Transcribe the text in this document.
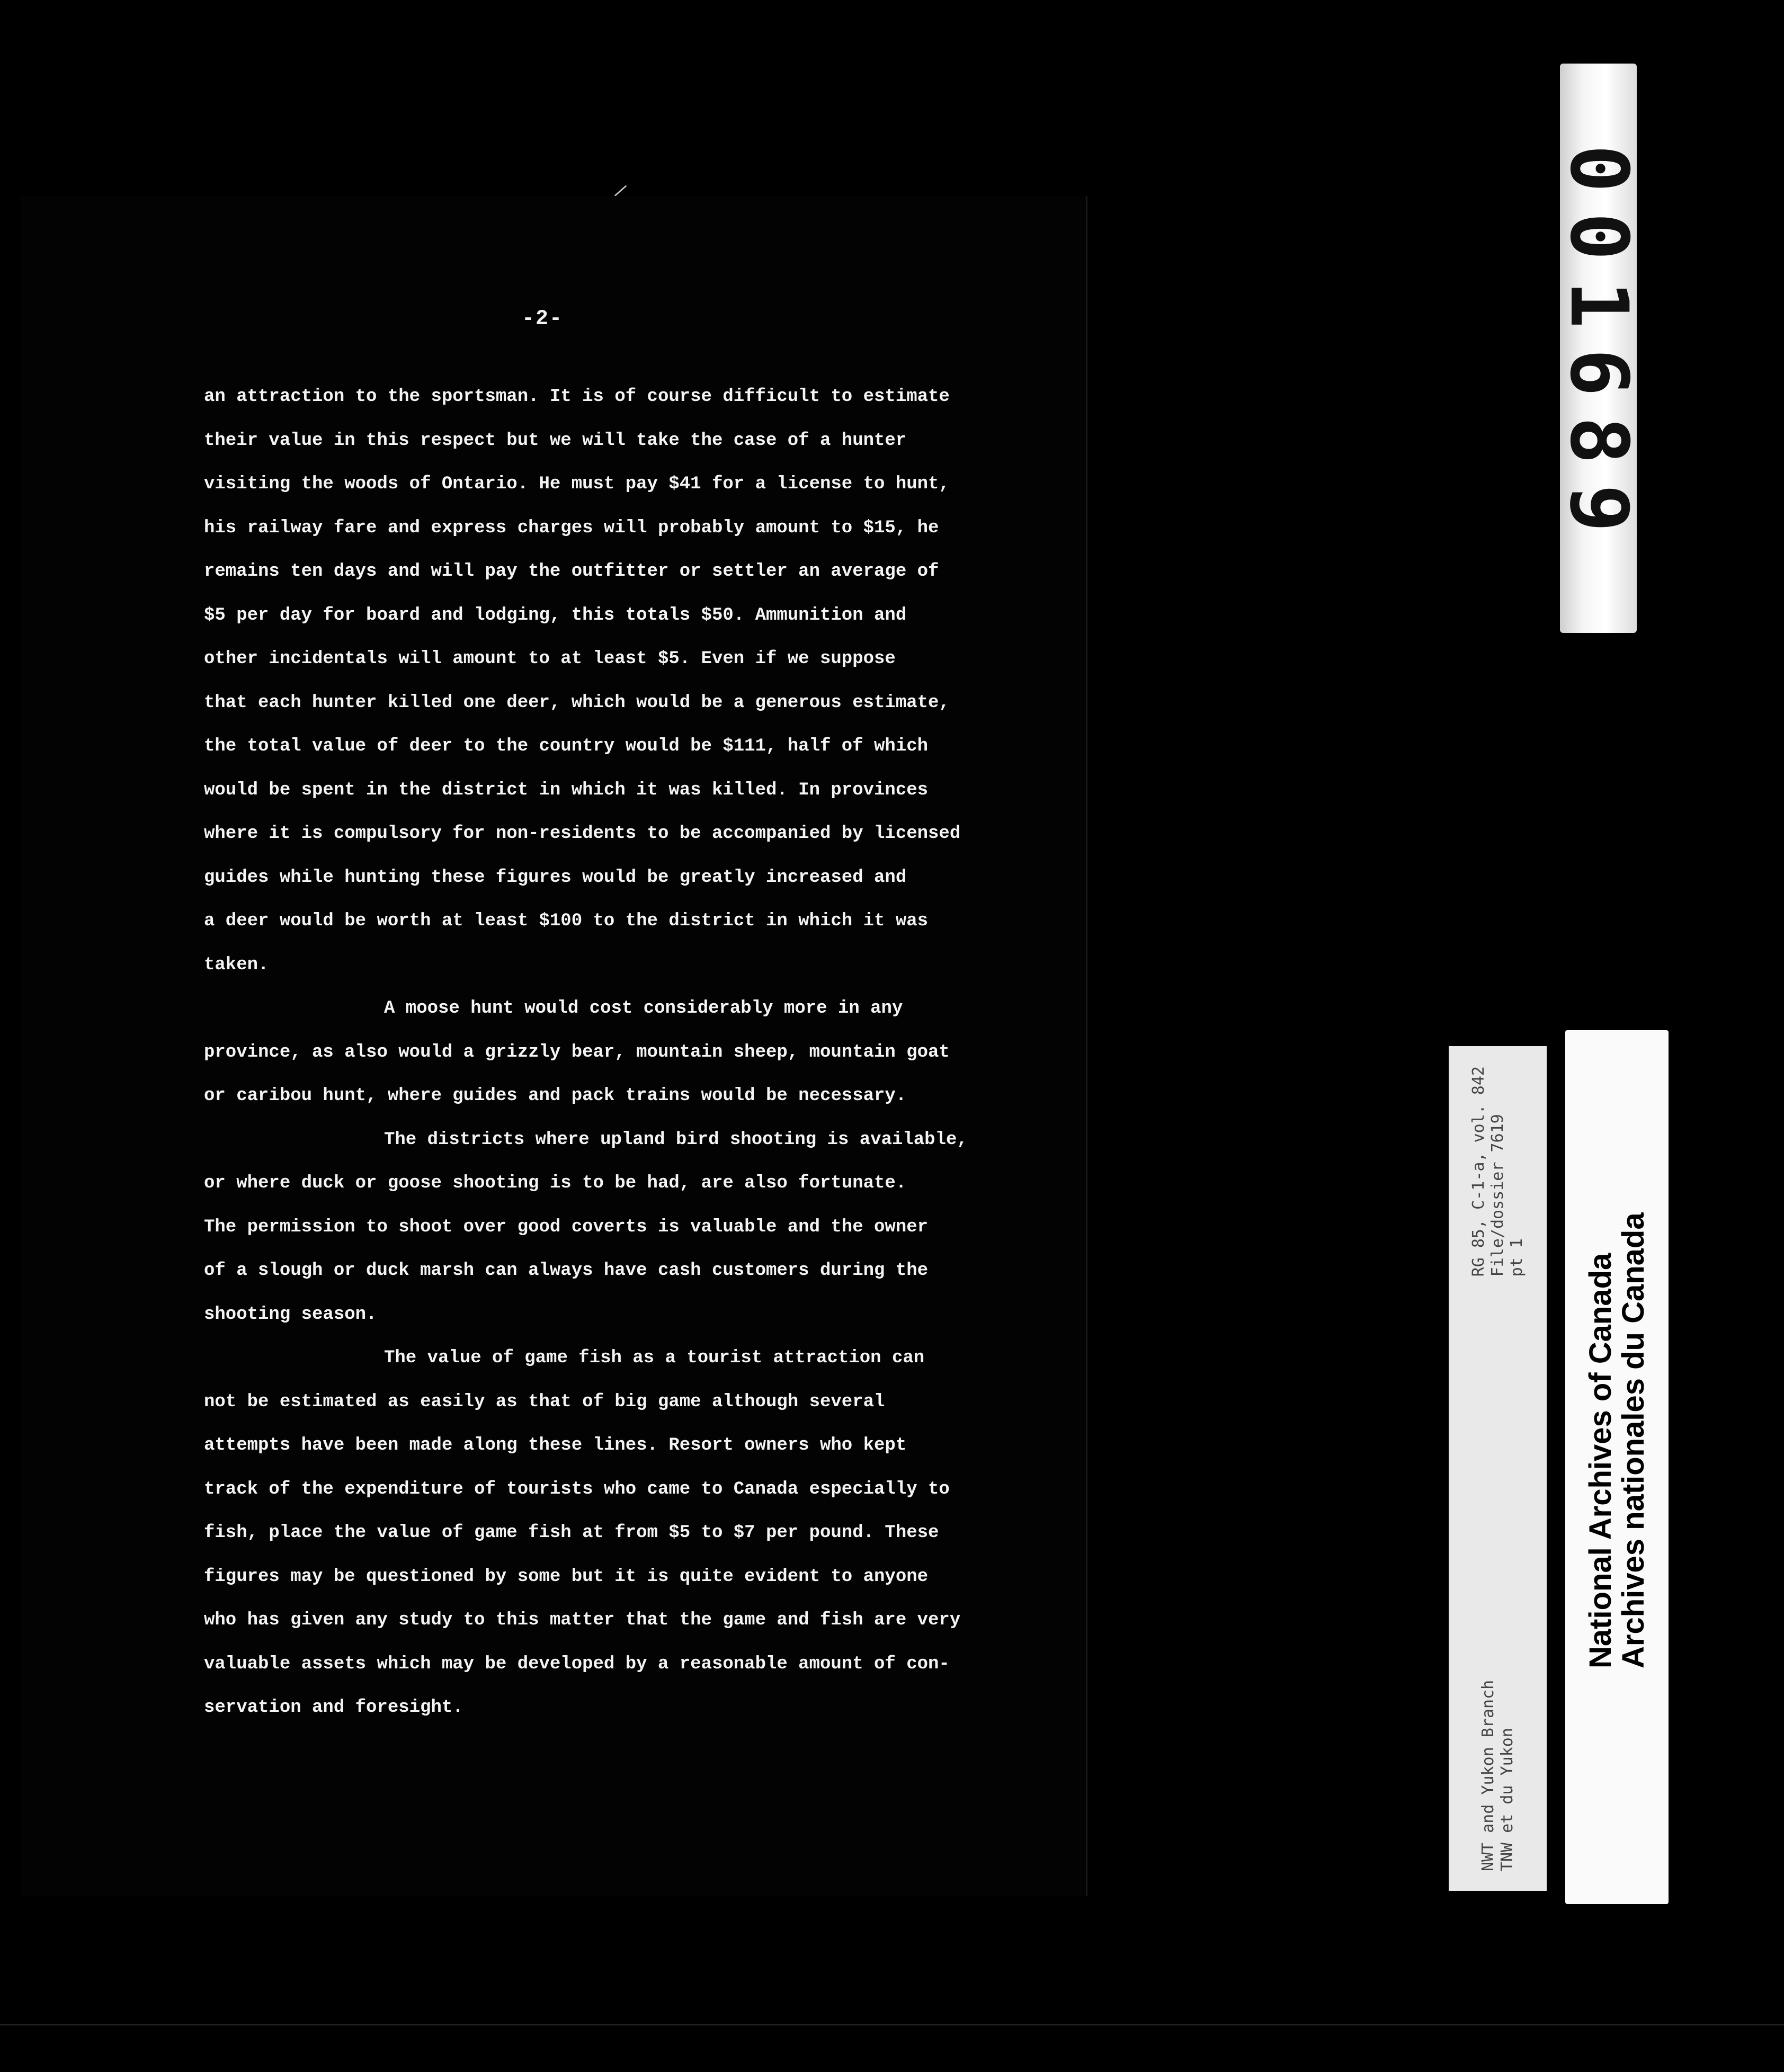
/
-2-
an attraction to the sportsman. It is of course difficult to estimate
their value in this respect but we will take the case of a hunter
visiting the woods of Ontario. He must pay $41 for a license to hunt,
his railway fare and express charges will probably amount to $15, he
remains ten days and will pay the outfitter or settler an average of
$5 per day for board and lodging, this totals $50. Ammunition and
other incidentals will amount to at least $5. Even if we suppose
that each hunter killed one deer, which would be a generous estimate,
the total value of deer to the country would be $111, half of which
would be spent in the district in which it was killed. In provinces
where it is compulsory for non-residents to be accompanied by licensed
guides while hunting these figures would be greatly increased and
a deer would be worth at least $100 to the district in which it was
taken.
A moose hunt would cost considerably more in any
province, as also would a grizzly bear, mountain sheep, mountain goat
or caribou hunt, where guides and pack trains would be necessary.
The districts where upland bird shooting is available,
or where duck or goose shooting is to be had, are also fortunate.
The permission to shoot over good coverts is valuable and the owner
of a slough or duck marsh can always have cash customers during the
shooting season.
The value of game fish as a tourist attraction can
not be estimated as easily as that of big game although several
attempts have been made along these lines. Resort owners who kept
track of the expenditure of tourists who came to Canada especially to
fish, place the value of game fish at from $5 to $7 per pound. These
figures may be questioned by some but it is quite evident to anyone
who has given any study to this matter that the game and fish are very
valuable assets which may be developed by a reasonable amount of con-
servation and foresight.
001689
NWT and Yukon Branch TNW et du Yukon
RG 85, C-1-a, vol. 842 File/dossier 7619 pt 1 National Archives of Canada
Archives nationales du Canada
